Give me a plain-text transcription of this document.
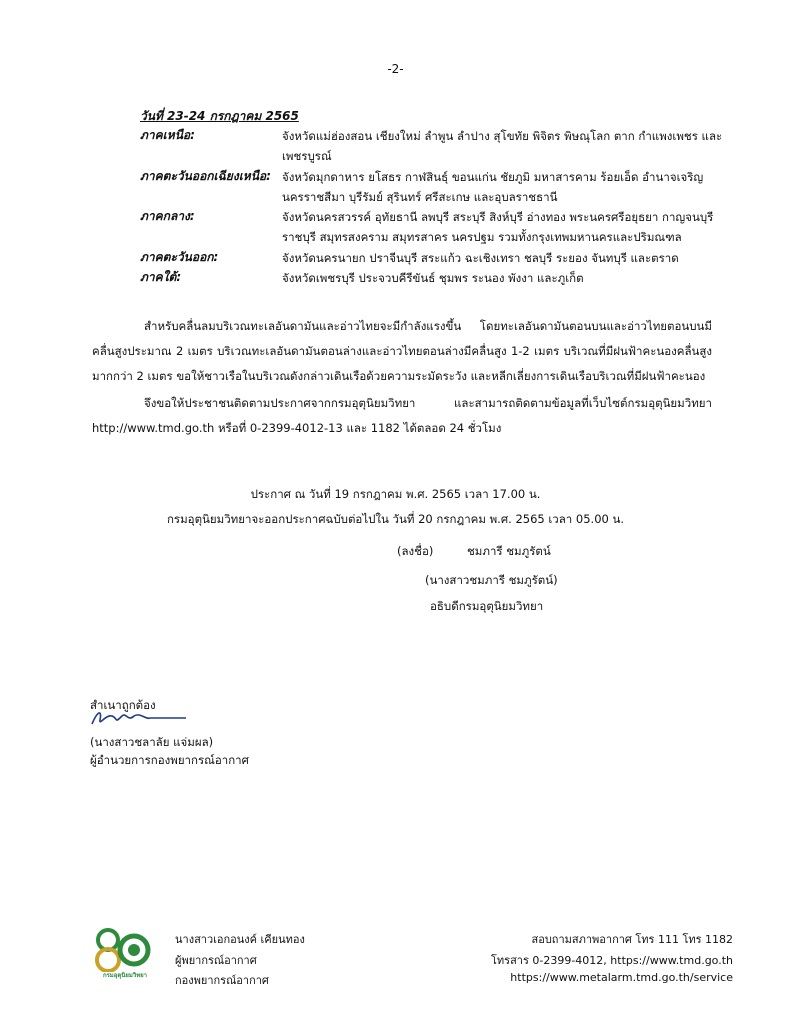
-2-
วันที่ 23-24 กรกฎาคม 2565
ภาคเหนือ:	จังหวัดแม่ฮ่องสอน เชียงใหม่ ลำพูน ลำปาง สุโขทัย พิจิตร พิษณุโลก ตาก กำแพงเพชร และเพชรบูรณ์
ภาคตะวันออกเฉียงเหนือ: จังหวัดมุกดาหาร ยโสธร กาฬสินธุ์ ขอนแก่น ชัยภูมิ มหาสารคาม ร้อยเอ็ด อำนาจเจริญ นครราชสีมา บุรีรัมย์ สุรินทร์ ศรีสะเกษ และอุบลราชธานี
ภาคกลาง:	จังหวัดนครสวรรค์ อุทัยธานี ลพบุรี สระบุรี สิงห์บุรี อ่างทอง พระนครศรีอยุธยา กาญจนบุรี ราชบุรี สมุทรสงคราม สมุทรสาคร นครปฐม รวมทั้งกรุงเทพมหานครและปริมณฑล
ภาคตะวันออก:	จังหวัดนครนายก ปราจีนบุรี สระแก้ว ฉะเชิงเทรา ชลบุรี ระยอง จันทบุรี และตราด
ภาคใต้:	จังหวัดเพชรบุรี ประจวบคีรีขันธ์ ชุมพร ระนอง พังงา และภูเก็ต
สำหรับคลื่นลมบริเวณทะเลอันดามันและอ่าวไทยจะมีกำลังแรงขึ้น โดยทะเลอันดามันตอนบนและอ่าวไทยตอนบนมีคลื่นสูงประมาณ 2 เมตร บริเวณทะเลอันดามันตอนล่างและอ่าวไทยตอนล่างมีคลื่นสูง 1-2 เมตร บริเวณที่มีฝนฟ้าคะนองคลื่นสูงมากกว่า 2 เมตร ขอให้ชาวเรือในบริเวณดังกล่าวเดินเรือด้วยความระมัดระวัง และหลีกเลี่ยงการเดินเรือบริเวณที่มีฝนฟ้าคะนอง
จึงขอให้ประชาชนติดตามประกาศจากกรมอุตุนิยมวิทยา และสามารถติดตามข้อมูลที่เว็บไซต์กรมอุตุนิยมวิทยา http://www.tmd.go.th หรือที่ 0-2399-4012-13 และ 1182 ได้ตลอด 24 ชั่วโมง
ประกาศ ณ วันที่ 19 กรกฎาคม พ.ศ. 2565 เวลา 17.00 น.
กรมอุตุนิยมวิทยาจะออกประกาศฉบับต่อไปใน วันที่ 20 กรกฎาคม พ.ศ. 2565 เวลา 05.00 น.
(ลงชื่อ)	ชมภารี ชมภูรัตน์
(นางสาวชมภารี ชมภูรัตน์)
อธิบดีกรมอุตุนิยมวิทยา
สำเนาถูกต้อง
(นางสาวชลาลัย แจ่มผล)
ผู้อำนวยการกองพยากรณ์อากาศ
กรมอุตุนิยมวิทยา
นางสาวเอกอนงค์ เคียนทอง
ผู้พยากรณ์อากาศ
กองพยากรณ์อากาศ
สอบถามสภาพอากาศ โทร 111 โทร 1182
โทรสาร 0-2399-4012, https://www.tmd.go.th
https://www.metalarm.tmd.go.th/service
